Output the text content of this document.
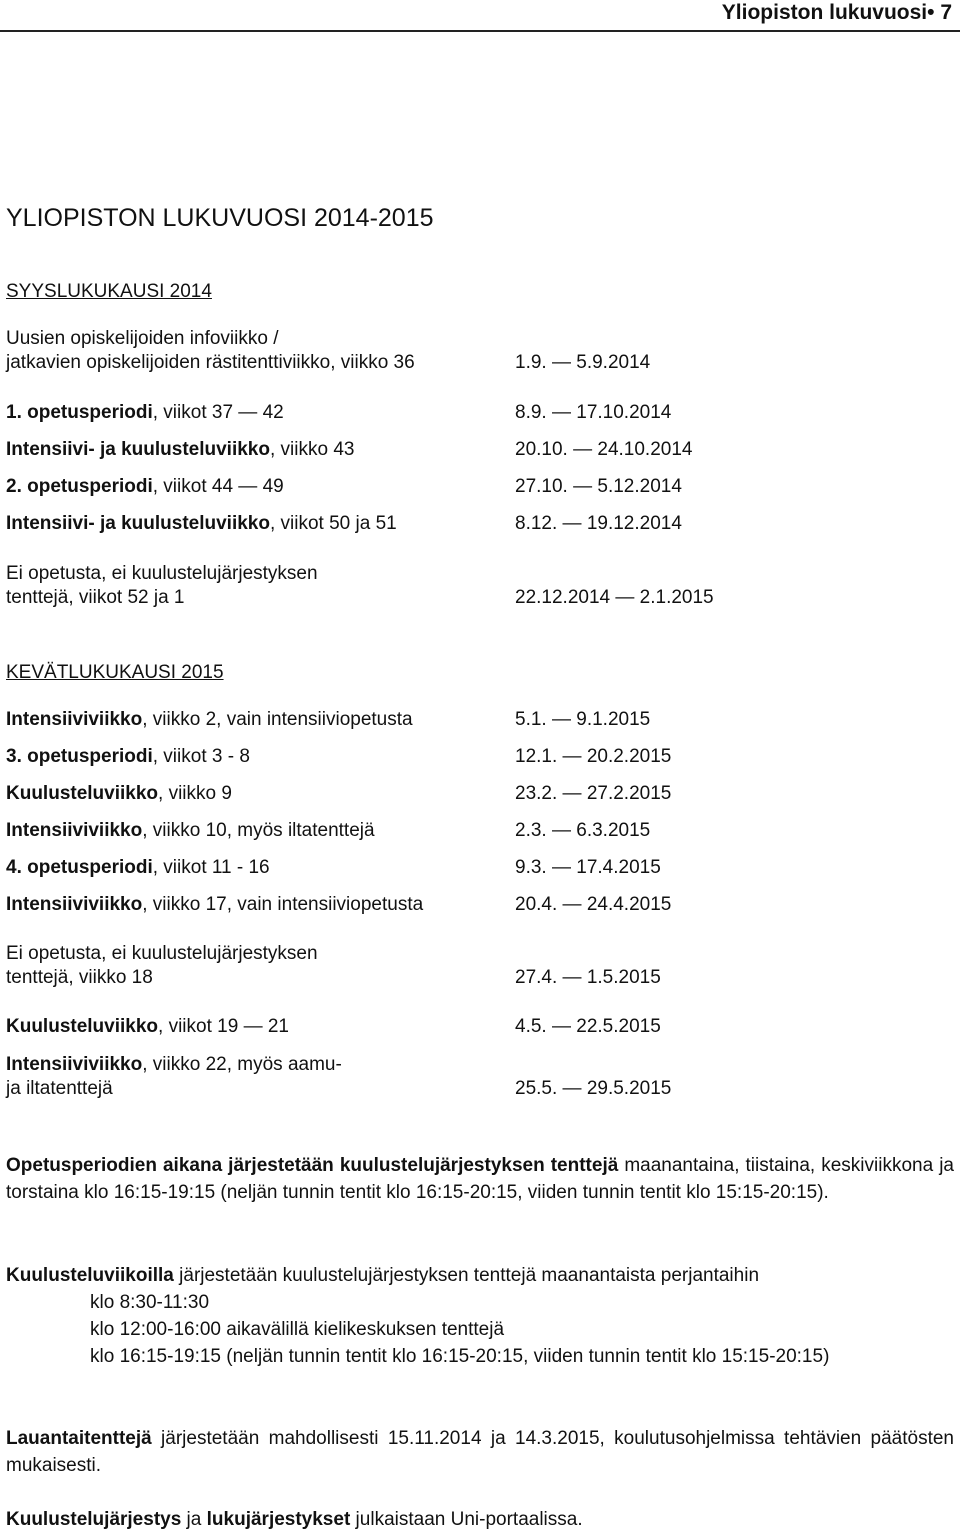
Yliopiston lukuvuosi• 7
YLIOPISTON LUKUVUOSI 2014-2015
SYYSLUKUKAUSI 2014
Uusien opiskelijoiden infoviikko /
jatkavien opiskelijoiden rästitenttiviikko, viikko 36	1.9. — 5.9.2014
1. opetusperiodi, viikot 37 — 42	8.9. — 17.10.2014
Intensiivi- ja kuulusteluviikko, viikko 43	20.10. — 24.10.2014
2. opetusperiodi, viikot 44 — 49	27.10. — 5.12.2014
Intensiivi- ja kuulusteluviikko, viikot 50 ja 51	8.12. — 19.12.2014
Ei opetusta, ei kuulustelujärjestyksen
tenttejä, viikot 52 ja 1	22.12.2014 — 2.1.2015
KEVÄTLUKUKAUSI 2015
Intensiiviviikko, viikko 2, vain intensiiviopetusta	5.1. — 9.1.2015
3. opetusperiodi, viikot 3 - 8	12.1. — 20.2.2015
Kuulusteluviikko, viikko 9	23.2. — 27.2.2015
Intensiiviviikko, viikko 10, myös iltatenttejä	2.3. — 6.3.2015
4. opetusperiodi, viikot 11 - 16	9.3. — 17.4.2015
Intensiiviviikko, viikko 17, vain intensiiviopetusta	20.4. — 24.4.2015
Ei opetusta, ei kuulustelujärjestyksen
tenttejä, viikko 18	27.4. — 1.5.2015
Kuulusteluviikko, viikot 19 — 21	4.5. — 22.5.2015
Intensiiviviikko, viikko 22, myös aamu-
ja iltatenttejä	25.5. — 29.5.2015

Opetusperiodien aikana järjestetään kuulustelujärjestyksen tenttejä maanantaina, tiistaina, keskiviikkona ja torstaina klo 16:15-19:15 (neljän tunnin tentit klo 16:15-20:15, viiden tunnin tentit klo 15:15-20:15).

Kuulusteluviikoilla järjestetään kuulustelujärjestyksen tenttejä maanantaista perjantaihin

klo 8:30-11:30
klo 12:00-16:00 aikavälillä kielikeskuksen tenttejä
klo 16:15-19:15 (neljän tunnin tentit klo 16:15-20:15, viiden tunnin tentit klo 15:15-20:15)

Lauantaitenttejä järjestetään mahdollisesti 15.11.2014 ja 14.3.2015, koulutusohjelmissa tehtävien päätösten mukaisesti.

Kuulustelujärjestys ja lukujärjestykset julkaistaan Uni-portaalissa.
